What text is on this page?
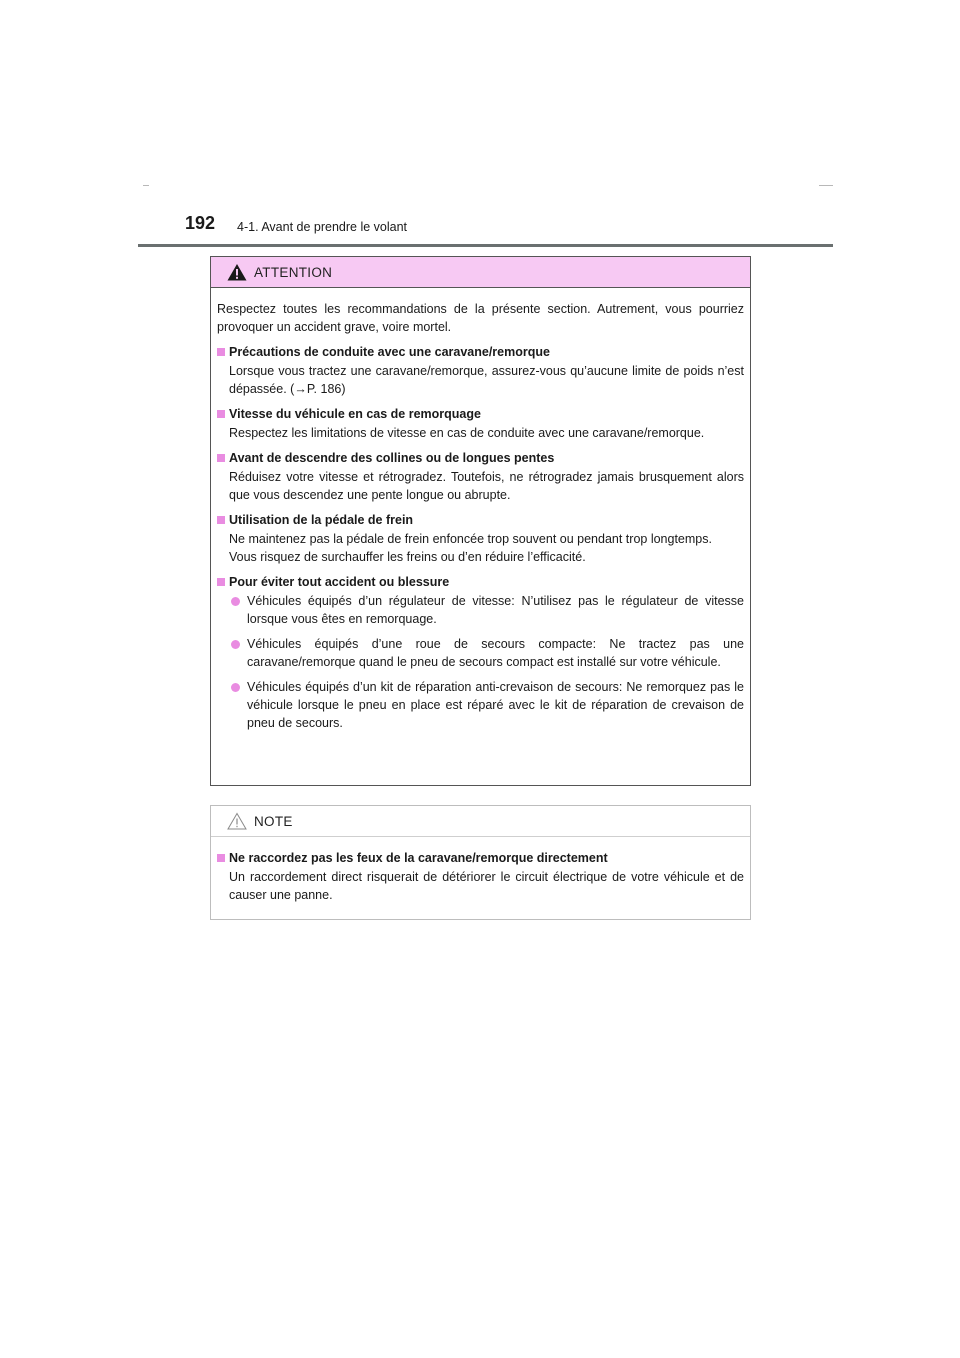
192 4-1. Avant de prendre le volant
ATTENTION

Respectez toutes les recommandations de la présente section. Autrement, vous pourriez provoquer un accident grave, voire mortel.

Précautions de conduite avec une caravane/remorque

Lorsque vous tractez une caravane/remorque, assurez-vous qu’aucune limite de poids n’est dépassée. (→P. 186)

Vitesse du véhicule en cas de remorquage

Respectez les limitations de vitesse en cas de conduite avec une caravane/remorque.

Avant de descendre des collines ou de longues pentes

Réduisez votre vitesse et rétrogradez. Toutefois, ne rétrogradez jamais brusquement alors que vous descendez une pente longue ou abrupte.

Utilisation de la pédale de frein

Ne maintenez pas la pédale de frein enfoncée trop souvent ou pendant trop longtemps.
Vous risquez de surchauffer les freins ou d’en réduire l’efficacité.

Pour éviter tout accident ou blessure

Véhicules équipés d’un régulateur de vitesse: N’utilisez pas le régulateur de vitesse lorsque vous êtes en remorquage.

Véhicules équipés d’une roue de secours compacte: Ne tractez pas une caravane/remorque quand le pneu de secours compact est installé sur votre véhicule.

Véhicules équipés d’un kit de réparation anti-crevaison de secours: Ne remorquez pas le véhicule lorsque le pneu en place est réparé avec le kit de réparation de crevaison de pneu de secours.

NOTE
Ne raccordez pas les feux de la caravane/remorque directement

Un raccordement direct risquerait de détériorer le circuit électrique de votre véhicule et de causer une panne.
